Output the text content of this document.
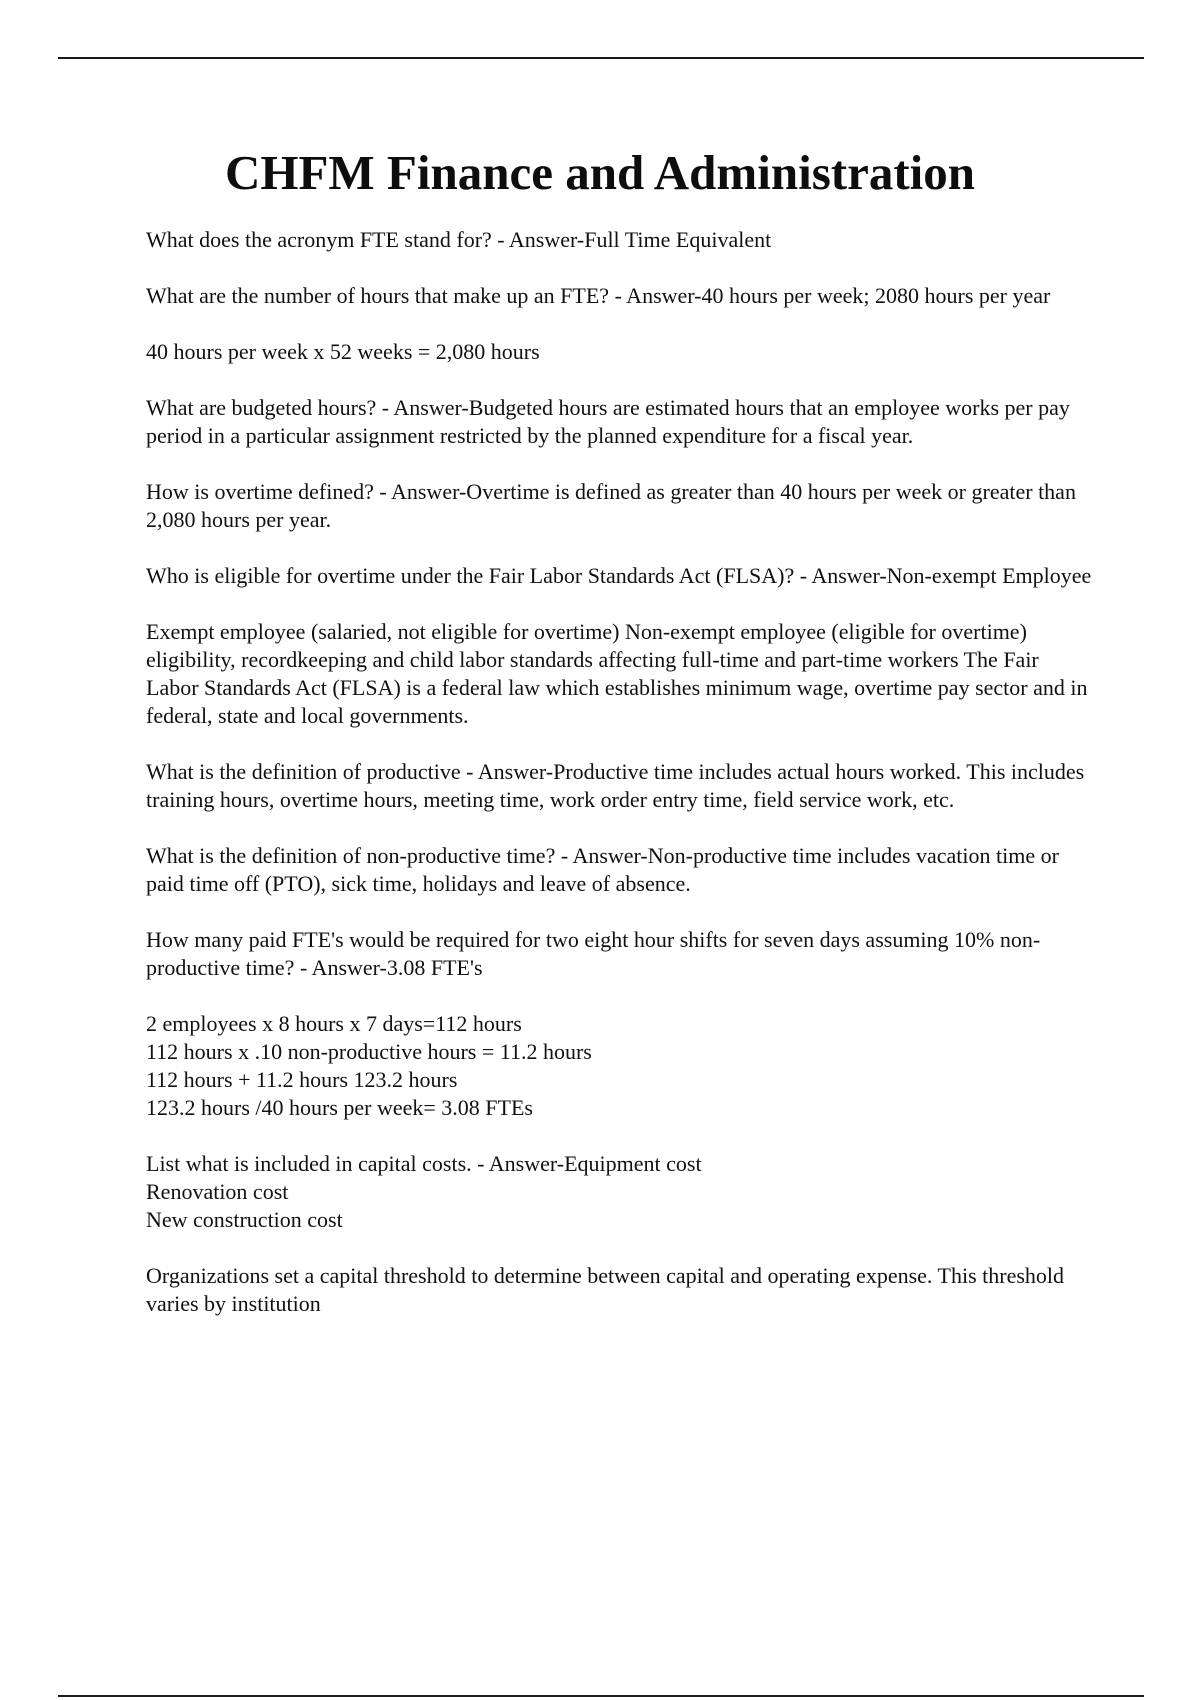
CHFM Finance and Administration

What does the acronym FTE stand for? - Answer-Full Time Equivalent

What are the number of hours that make up an FTE? - Answer-40 hours per week; 2080 hours per year

40 hours per week x 52 weeks = 2,080 hours

What are budgeted hours? - Answer-Budgeted hours are estimated hours that an employee works per pay period in a particular assignment restricted by the planned expenditure for a fiscal year.

How is overtime defined? - Answer-Overtime is defined as greater than 40 hours per week or greater than 2,080 hours per year.

Who is eligible for overtime under the Fair Labor Standards Act (FLSA)? - Answer-Non-exempt Employee

Exempt employee (salaried, not eligible for overtime) Non-exempt employee (eligible for overtime) eligibility, recordkeeping and child labor standards affecting full-time and part-time workers The Fair Labor Standards Act (FLSA) is a federal law which establishes minimum wage, overtime pay sector and in federal, state and local governments.

What is the definition of productive - Answer-Productive time includes actual hours worked. This includes training hours, overtime hours, meeting time, work order entry time, field service work, etc.

What is the definition of non-productive time? - Answer-Non-productive time includes vacation time or paid time off (PTO), sick time, holidays and leave of absence.

How many paid FTE's would be required for two eight hour shifts for seven days assuming 10% non-productive time? - Answer-3.08 FTE's

2 employees x 8 hours x 7 days=112 hours
112 hours x .10 non-productive hours = 11.2 hours
112 hours + 11.2 hours 123.2 hours
123.2 hours /40 hours per week= 3.08 FTEs

List what is included in capital costs. - Answer-Equipment cost
Renovation cost
New construction cost

Organizations set a capital threshold to determine between capital and operating expense. This threshold varies by institution
